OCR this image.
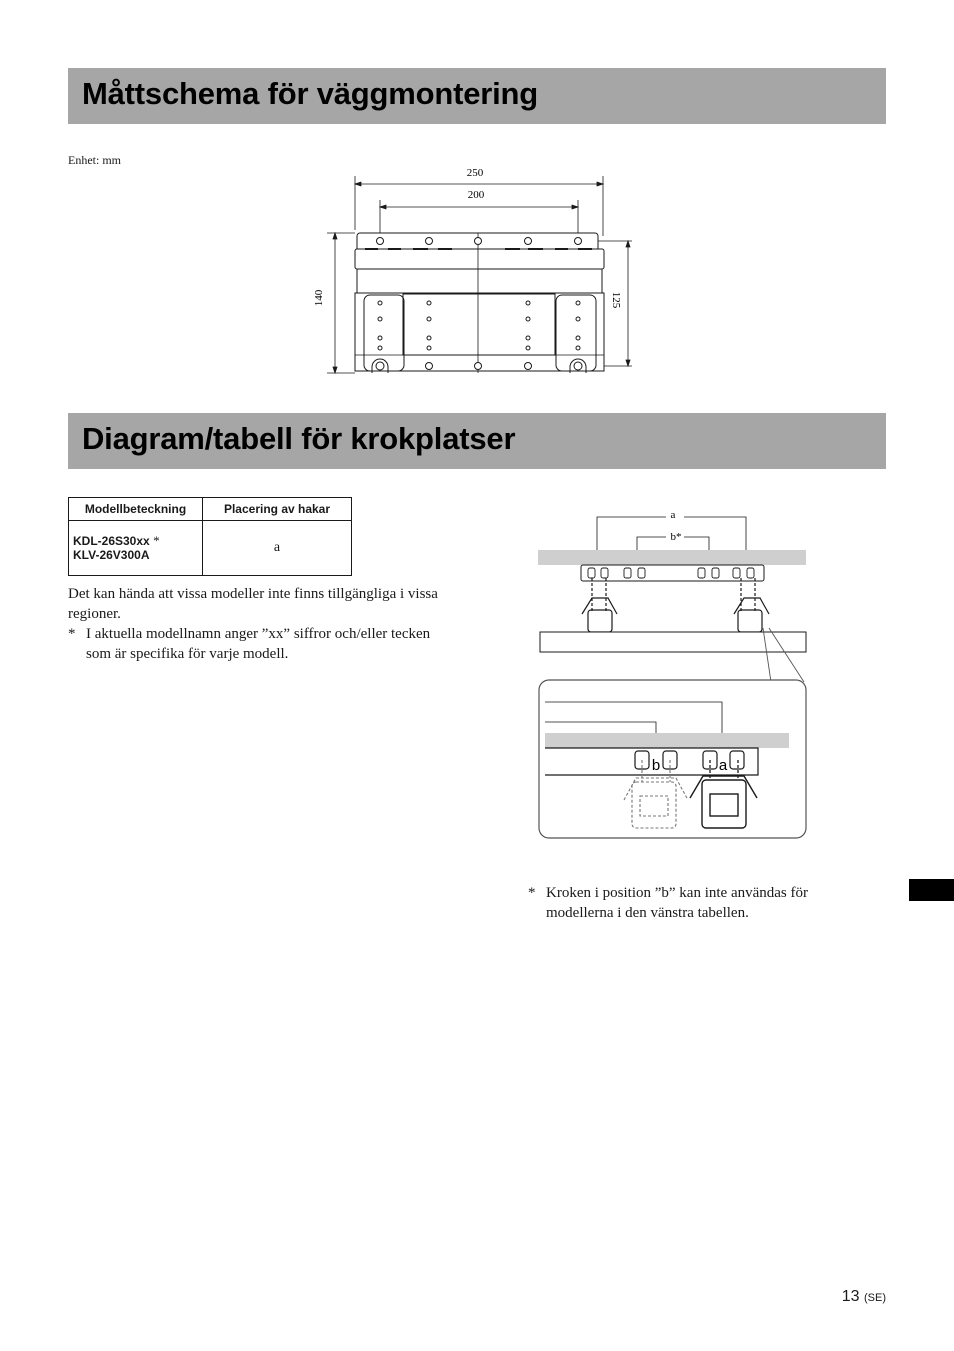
Måttschema för väggmontering
Enhet: mm
250
200
140	125
Diagram/tabell för krokplatser
Modellbeteckning	Placering av hakar
KDL-26S30xx *
KLV-26V300A	a
Det kan hända att vissa modeller inte finns tillgängliga i vissa regioner.
* I aktuella modellnamn anger ”xx” siffror och/eller tecken som är specifika för varje modell.
a
b*
b	a
* Kroken i position ”b” kan inte användas för modellerna i den vänstra tabellen.
13 (SE)
